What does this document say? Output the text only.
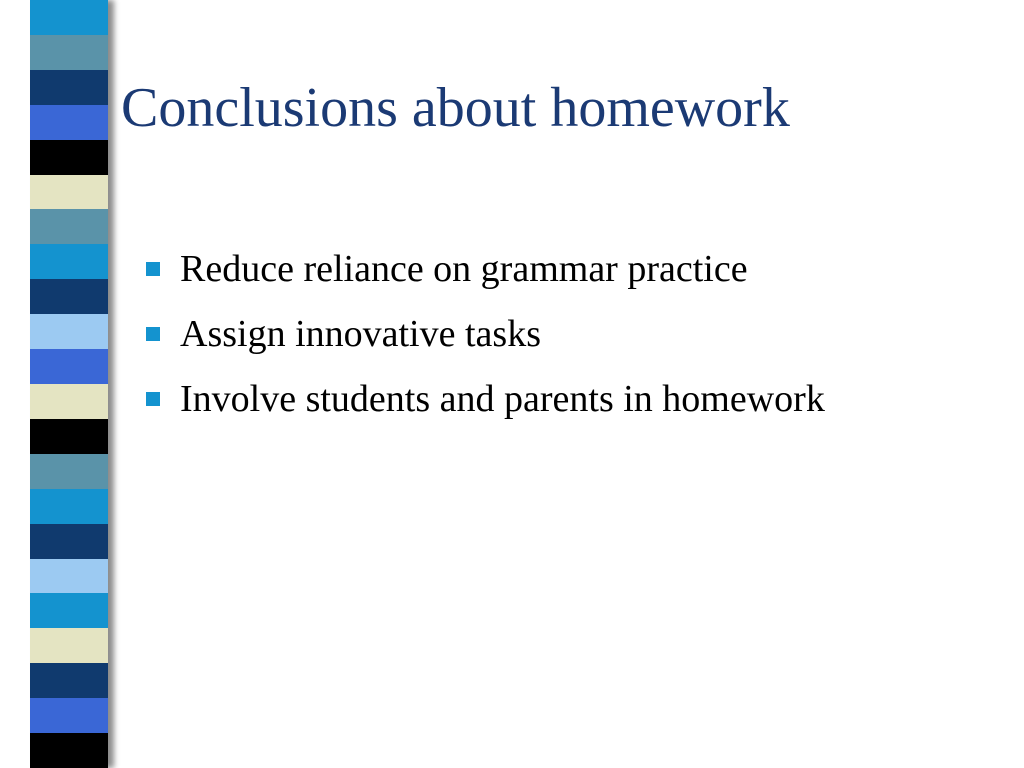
Conclusions about homework
Reduce reliance on grammar practice
Assign innovative tasks
Involve students and parents in homework
